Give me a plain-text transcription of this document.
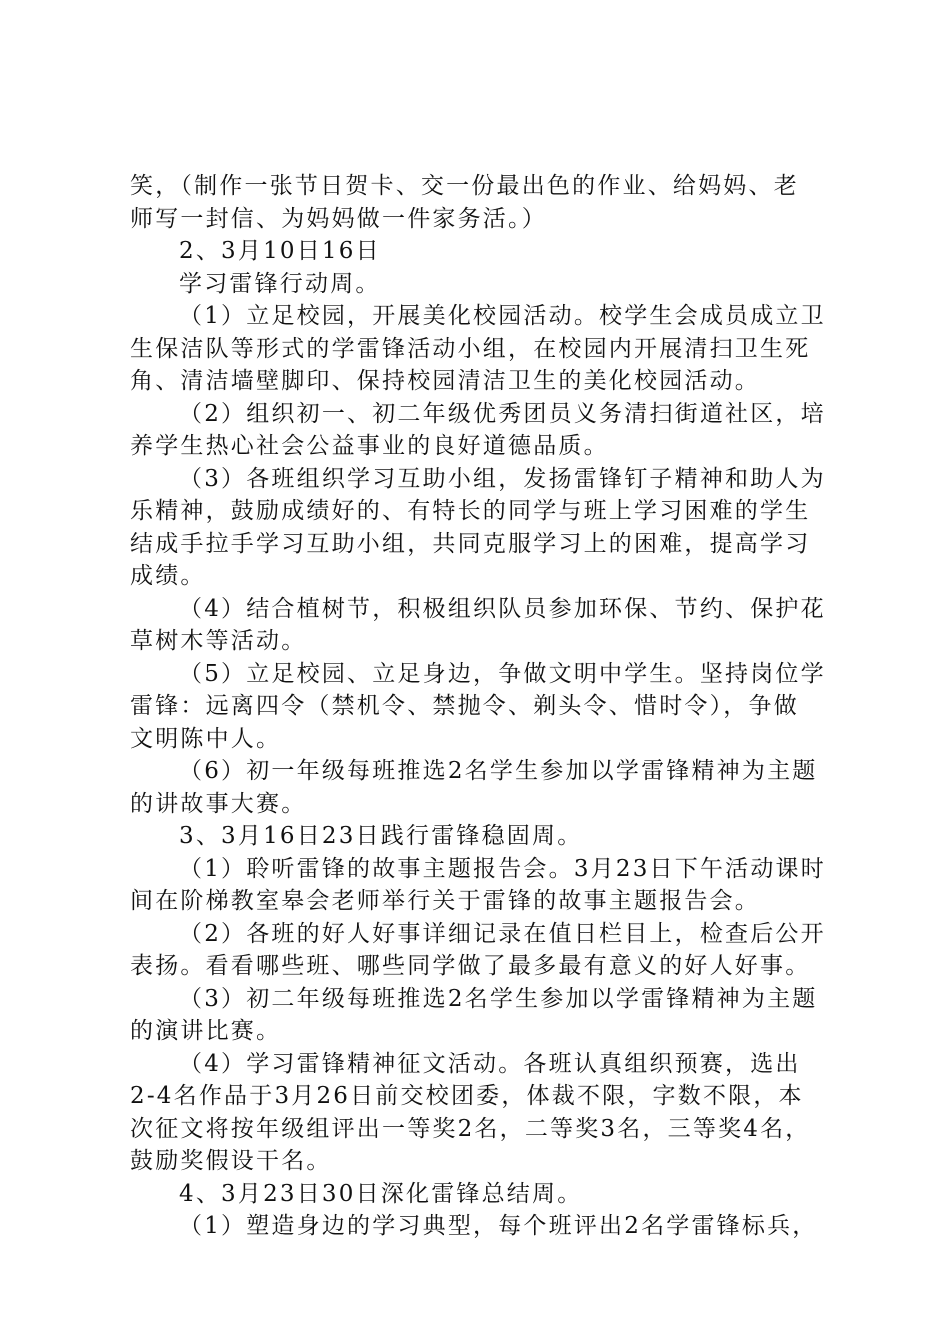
笑，（制作一张节日贺卡、交一份最出色的作业、给妈妈、老
师写一封信、为妈妈做一件家务活。）
2、3月10日16日
学习雷锋行动周。
（1）立足校园，开展美化校园活动。校学生会成员成立卫
生保洁队等形式的学雷锋活动小组，在校园内开展清扫卫生死
角、清洁墙壁脚印、保持校园清洁卫生的美化校园活动。
（2）组织初一、初二年级优秀团员义务清扫街道社区，培
养学生热心社会公益事业的良好道德品质。
（3）各班组织学习互助小组，发扬雷锋钉子精神和助人为
乐精神，鼓励成绩好的、有特长的同学与班上学习困难的学生
结成手拉手学习互助小组，共同克服学习上的困难，提高学习
成绩。
（4）结合植树节，积极组织队员参加环保、节约、保护花
草树木等活动。
（5）立足校园、立足身边，争做文明中学生。坚持岗位学
雷锋：远离四令（禁机令、禁抛令、剃头令、惜时令），争做
文明陈中人。
（6）初一年级每班推选2名学生参加以学雷锋精神为主题
的讲故事大赛。
3、3月16日23日践行雷锋稳固周。
（1）聆听雷锋的故事主题报告会。3月23日下午活动课时
间在阶梯教室皋会老师举行关于雷锋的故事主题报告会。
（2）各班的好人好事详细记录在值日栏目上，检查后公开
表扬。看看哪些班、哪些同学做了最多最有意义的好人好事。
（3）初二年级每班推选2名学生参加以学雷锋精神为主题
的演讲比赛。
（4）学习雷锋精神征文活动。各班认真组织预赛，选出
2-4名作品于3月26日前交校团委，体裁不限，字数不限，本
次征文将按年级组评出一等奖2名，二等奖3名，三等奖4名，
鼓励奖假设干名。
4、3月23日30日深化雷锋总结周。
（1）塑造身边的学习典型，每个班评出2名学雷锋标兵，
